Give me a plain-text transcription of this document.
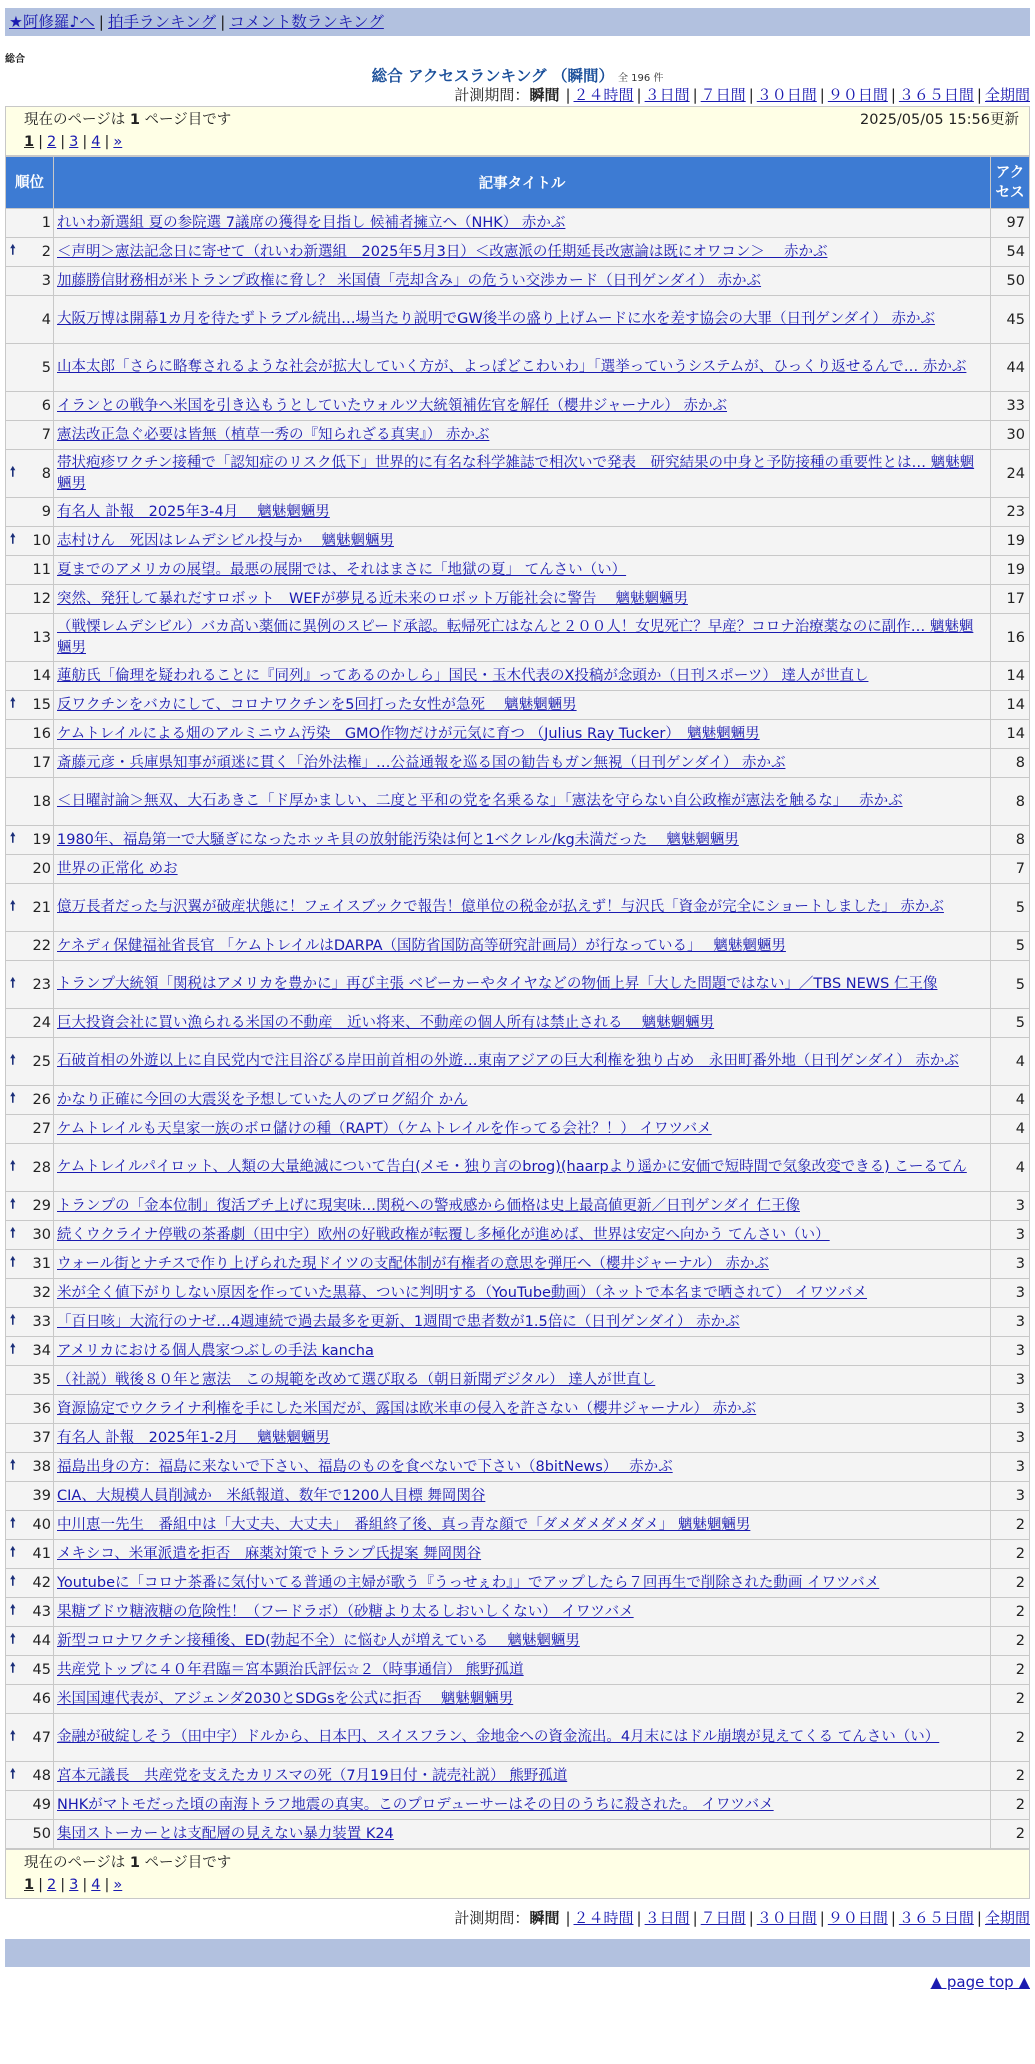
★阿修羅♪へ | 拍手ランキング | コメント数ランキング
総合
総合 アクセスランキング （瞬間） 全 196 件
計測期間：瞬間 | ２４時間 | ３日間 | ７日間 | ３０日間 | ９０日間 | ３６５日間 | 全期間
現在のページは 1 ページ目です	2025/05/05 15:56更新
1 | 2 | 3 | 4 | »
順位	記事タイトル	アクセス
1	れいわ新選組 夏の参院選 7議席の獲得を目指し 候補者擁立へ（NHK） 赤かぶ	97

🠕 2	＜声明＞憲法記念日に寄せて（れいわ新選組　2025年5月3日）＜改憲派の任期延長改憲論は既にオワコン＞　 赤かぶ	54
3	加藤勝信財務相が米トランプ政権に脅し？ 米国債「売却含み」の危うい交渉カード（日刊ゲンダイ） 赤かぶ	50
4	大阪万博は開幕1カ月を待たずトラブル続出…場当たり説明でGW後半の盛り上げムードに水を差す協会の大罪（日刊ゲンダイ） 赤かぶ	45
5	山本太郎「さらに略奪されるような社会が拡大していく方が、よっぽどこわいわ」「選挙っていうシステムが、ひっくり返せるんで… 赤かぶ	44
6	イランとの戦争へ米国を引き込もうとしていたウォルツ大統領補佐官を解任（櫻井ジャーナル） 赤かぶ	33
7	憲法改正急ぐ必要は皆無（植草一秀の『知られざる真実』） 赤かぶ	30

🠕 8	帯状疱疹ワクチン接種で「認知症のリスク低下」世界的に有名な科学雑誌で相次いで発表　研究結果の中身と予防接種の重要性とは… 魑魅魍魎男	24
9	有名人 訃報　2025年3-4月　 魑魅魍魎男	23

🠕 10	志村けん　死因はレムデシビル投与か　 魑魅魍魎男	19
11	夏までのアメリカの展望。最悪の展開では、それはまさに「地獄の夏」 てんさい（い）	19
12	突然、発狂して暴れだすロボット　WEFが夢見る近未来のロボット万能社会に警告　 魑魅魍魎男	17
13	（戦慄レムデシビル）バカ高い薬価に異例のスピード承認。転帰死亡はなんと２００人！女児死亡？早産？コロナ治療薬なのに副作… 魑魅魍魎男	16
14	蓮舫氏「倫理を疑われることに『同列』ってあるのかしら」国民・玉木代表のX投稿が念頭か（日刊スポーツ） 達人が世直し	14

🠕 15	反ワクチンをバカにして、コロナワクチンを5回打った女性が急死　 魑魅魍魎男	14
16	ケムトレイルによる畑のアルミニウム汚染　GMO作物だけが元気に育つ （Julius Ray Tucker）　魑魅魍魎男	14
17	斎藤元彦・兵庫県知事が頑迷に貫く「治外法権」…公益通報を巡る国の勧告もガン無視（日刊ゲンダイ） 赤かぶ	8
18	＜日曜討論＞無双、大石あきこ「ド厚かましい、二度と平和の党を名乗るな」「憲法を守らない自公政権が憲法を触るな」　 赤かぶ	8

🠕 19	1980年、福島第一で大騒ぎになったホッキ貝の放射能汚染は何と1ベクレル/kg未満だった　 魑魅魍魎男	8
20	世界の正常化 めお	7

🠕 21	億万長者だった与沢翼が破産状態に！フェイスブックで報告！億単位の税金が払えず！与沢氏「資金が完全にショートしました」 赤かぶ	5
22	ケネディ保健福祉省長官 「ケムトレイルはDARPA（国防省国防高等研究計画局）が行なっている」　 魑魅魍魎男	5

🠕 23	トランプ大統領「関税はアメリカを豊かに」再び主張 ベビーカーやタイヤなどの物価上昇「大した問題ではない」／TBS NEWS 仁王像	5
24	巨大投資会社に買い漁られる米国の不動産　近い将来、不動産の個人所有は禁止される　 魑魅魍魎男	5

🠕 25	石破首相の外遊以上に自民党内で注目浴びる岸田前首相の外遊…東南アジアの巨大利権を独り占め　永田町番外地（日刊ゲンダイ） 赤かぶ	4

🠕 26	かなり正確に今回の大震災を予想していた人のブログ紹介 かん	4
27	ケムトレイルも天皇家一族のボロ儲けの種（RAPT）（ケムトレイルを作ってる会社？！） イワツバメ	4

🠕 28	ケムトレイルパイロット、人類の大量絶滅について告白(メモ・独り言のbrog)(haarpより遥かに安価で短時間で気象改変できる) こーるてん	4

🠕 29	トランプの「金本位制」復活ブチ上げに現実味…関税への警戒感から価格は史上最高値更新／日刊ゲンダイ 仁王像	3

🠕 30	続くウクライナ停戦の茶番劇（田中宇）欧州の好戦政権が転覆し多極化が進めば、世界は安定へ向かう てんさい（い）	3

🠕 31	ウォール街とナチスで作り上げられた現ドイツの支配体制が有権者の意思を弾圧へ（櫻井ジャーナル） 赤かぶ	3
32	米が全く値下がりしない原因を作っていた黒幕、ついに判明する（YouTube動画）（ネットで本名まで晒されて） イワツバメ	3

🠕 33	「百日咳」大流行のナゼ…4週連続で過去最多を更新、1週間で患者数が1.5倍に（日刊ゲンダイ） 赤かぶ	3

🠕 34	アメリカにおける個人農家つぶしの手法 kancha	3
35	（社説）戦後８０年と憲法　この規範を改めて選び取る（朝日新聞デジタル） 達人が世直し	3
36	資源協定でウクライナ利権を手にした米国だが、露国は欧米車の侵入を許さない（櫻井ジャーナル） 赤かぶ	3
37	有名人 訃報　2025年1-2月　 魑魅魍魎男	3

🠕 38	福島出身の方：福島に来ないで下さい、福島のものを食べないで下さい（8bitNews）　 赤かぶ	3
39	CIA、大規模人員削減か　米紙報道、数年で1200人目標 舞岡関谷	3

🠕 40	中川恵一先生　番組中は「大丈夫、大丈夫」　番組終了後、真っ青な顔で「ダメダメダメダメ」 魑魅魍魎男	2

🠕 41	メキシコ、米軍派遣を拒否　麻薬対策でトランプ氏提案 舞岡関谷	2

🠕 42	Youtubeに「コロナ茶番に気付いてる普通の主婦が歌う『うっせぇわ』」でアップしたら７回再生で削除された動画 イワツバメ	2

🠕 43	果糖ブドウ糖液糖の危険性！（フードラボ）（砂糖より太るしおいしくない） イワツバメ	2

🠕 44	新型コロナワクチン接種後、ED(勃起不全）に悩む人が増えている　 魑魅魍魎男	2

🠕 45	共産党トップに４０年君臨＝宮本顕治氏評伝☆２（時事通信） 熊野孤道	2
46	米国国連代表が、アジェンダ2030とSDGsを公式に拒否　 魑魅魍魎男	2

🠕 47	金融が破綻しそう（田中宇）ドルから、日本円、スイスフラン、金地金への資金流出。4月末にはドル崩壊が見えてくる てんさい（い）	2

🠕 48	宮本元議長　共産党を支えたカリスマの死（7月19日付・読売社説） 熊野孤道	2
49	NHKがマトモだった頃の南海トラフ地震の真実。このプロデューサーはその日のうちに殺された。 イワツバメ	2
50	集団ストーカーとは支配層の見えない暴力装置 K24	2
現在のページは 1 ページ目です
1 | 2 | 3 | 4 | »
計測期間：瞬間 | ２４時間 | ３日間 | ７日間 | ３０日間 | ９０日間 | ３６５日間 | 全期間
▲ page top ▲
